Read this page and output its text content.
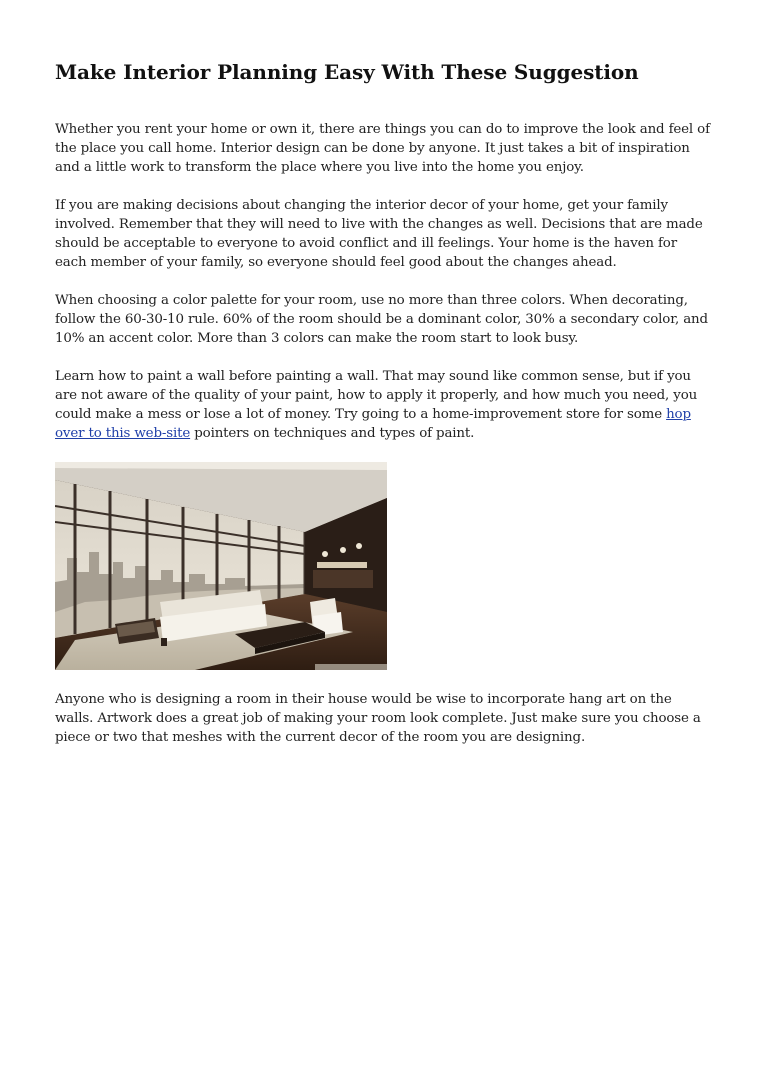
Make Interior Planning Easy With These Suggestion

Whether you rent your home or own it, there are things you can do to improve the look and feel of the place you call home. Interior design can be done by anyone. It just takes a bit of inspiration and a little work to transform the place where you live into the home you enjoy.

If you are making decisions about changing the interior decor of your home, get your family involved. Remember that they will need to live with the changes as well. Decisions that are made should be acceptable to everyone to avoid conflict and ill feelings. Your home is the haven for each member of your family, so everyone should feel good about the changes ahead.

When choosing a color palette for your room, use no more than three colors. When decorating, follow the 60-30-10 rule. 60% of the room should be a dominant color, 30% a secondary color, and 10% an accent color. More than 3 colors can make the room start to look busy.

Learn how to paint a wall before painting a wall. That may sound like common sense, but if you are not aware of the quality of your paint, how to apply it properly, and how much you need, you could make a mess or lose a lot of money. Try going to a home-improvement store for some hop over to this web-site pointers on techniques and types of paint.

Anyone who is designing a room in their house would be wise to incorporate hang art on the walls. Artwork does a great job of making your room look complete. Just make sure you choose a piece or two that meshes with the current decor of the room you are designing.
